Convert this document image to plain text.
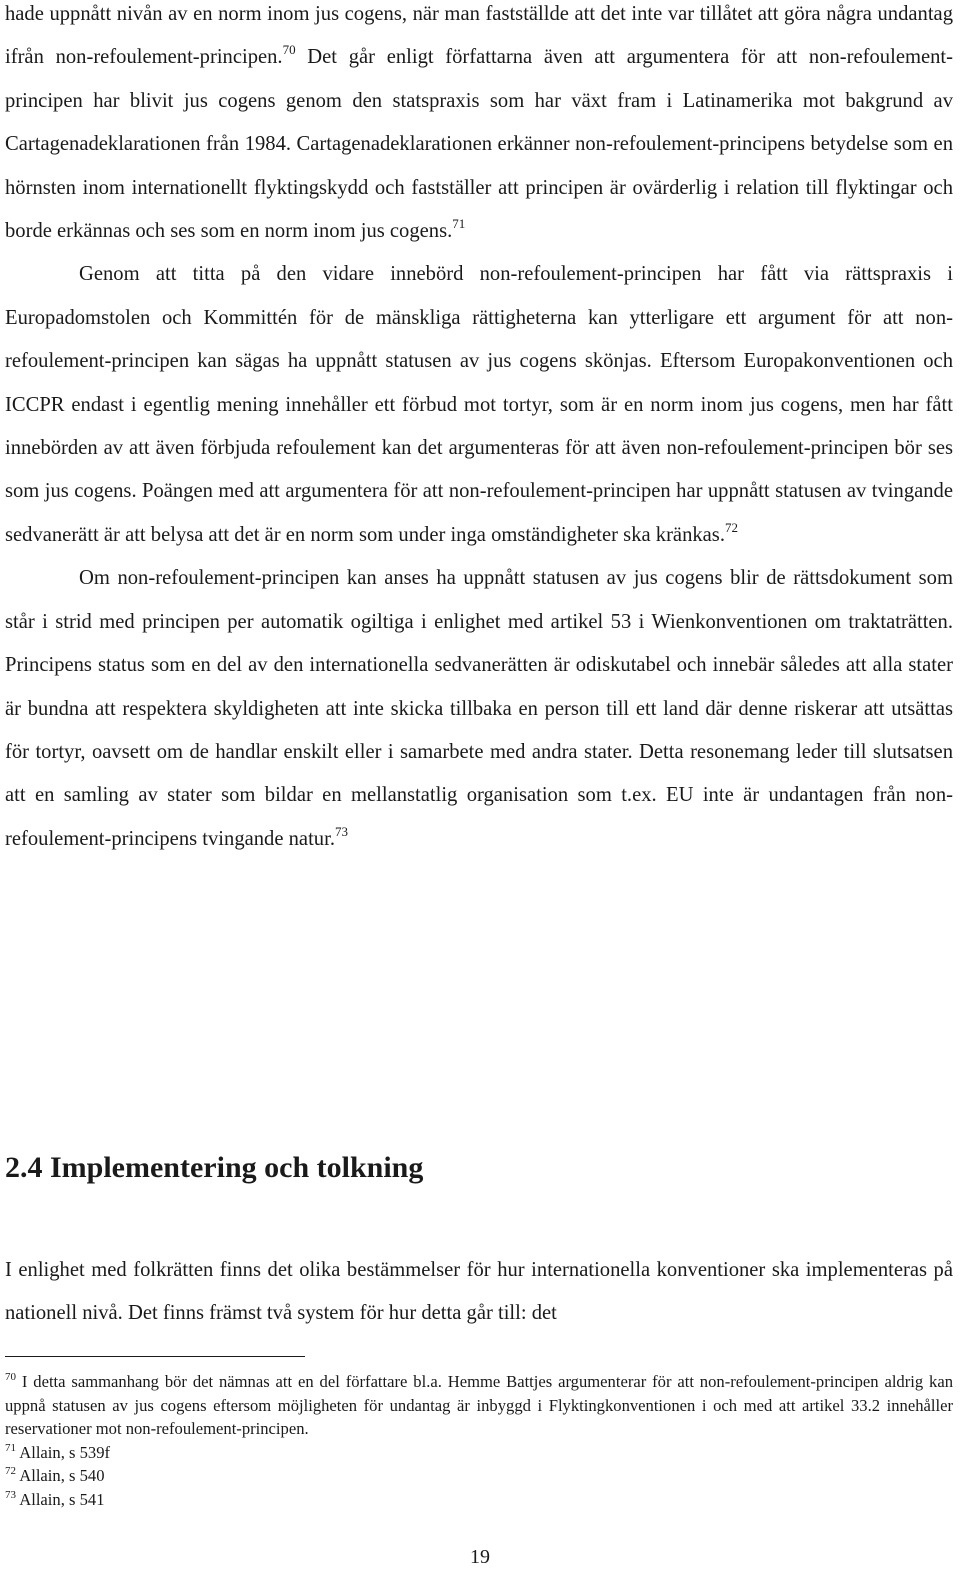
hade uppnått nivån av en norm inom jus cogens, när man fastställde att det inte var tillåtet att göra några undantag ifrån non-refoulement-principen.$^{70}$ Det går enligt författarna även att argumentera för att non-refoulement-principen har blivit jus cogens genom den statspraxis som har växt fram i Latinamerika mot bakgrund av Cartagenadeklarationen från 1984. Cartagenadeklarationen erkänner non-refoulement-principens betydelse som en hörnsten inom internationellt flyktingskydd och fastställer att principen är ovärderlig i relation till flyktingar och borde erkännas och ses som en norm inom jus cogens.$^{71}$

Genom att titta på den vidare innebörd non-refoulement-principen har fått via rättspraxis i Europadomstolen och Kommittén för de mänskliga rättigheterna kan ytterligare ett argument för att non-refoulement-principen kan sägas ha uppnått statusen av jus cogens skönjas. Eftersom Europakonventionen och ICCPR endast i egentlig mening innehåller ett förbud mot tortyr, som är en norm inom jus cogens, men har fått innebörden av att även förbjuda refoulement kan det argumenteras för att även non-refoulement-principen bör ses som jus cogens. Poängen med att argumentera för att non-refoulement-principen har uppnått statusen av tvingande sedvanerätt är att belysa att det är en norm som under inga omständigheter ska kränkas.$^{72}$

Om non-refoulement-principen kan anses ha uppnått statusen av jus cogens blir de rättsdokument som står i strid med principen per automatik ogiltiga i enlighet med artikel 53 i Wienkonventionen om traktaträtten. Principens status som en del av den internationella sedvanerätten är odiskutabel och innebär således att alla stater är bundna att respektera skyldigheten att inte skicka tillbaka en person till ett land där denne riskerar att utsättas för tortyr, oavsett om de handlar enskilt eller i samarbete med andra stater. Detta resonemang leder till slutsatsen att en samling av stater som bildar en mellanstatlig organisation som t.ex. EU inte är undantagen från non-refoulement-principens tvingande natur.$^{73}$

2.4 Implementering och tolkning

I enlighet med folkrätten finns det olika bestämmelser för hur internationella konventioner ska implementeras på nationell nivå. Det finns främst två system för hur detta går till: det

$^{70}$ I detta sammanhang bör det nämnas att en del författare bl.a. Hemme Battjes argumenterar för att non-refoulement-principen aldrig kan uppnå statusen av jus cogens eftersom möjligheten för undantag är inbyggd i Flyktingkonventionen i och med att artikel 33.2 innehåller reservationer mot non-refoulement-principen.

$^{71}$ Allain, s 539f

$^{72}$ Allain, s 540

$^{73}$ Allain, s 541

19
